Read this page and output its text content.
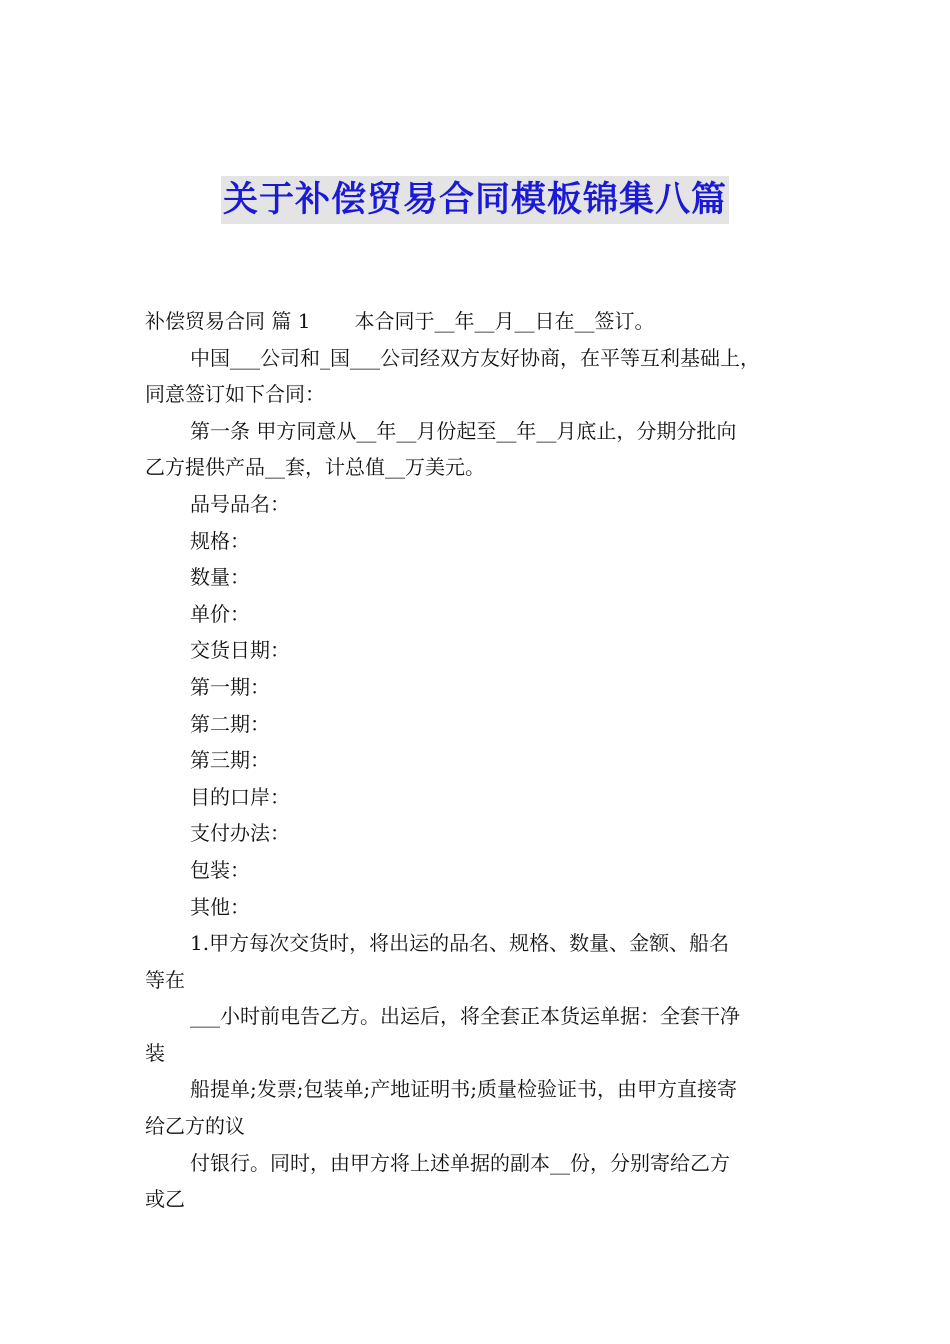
关于补偿贸易合同模板锦集八篇
补偿贸易合同 篇 1 本合同于__年__月__日在__签订。
中国___公司和_国___公司经双方友好协商，在平等互利基础上，
同意签订如下合同：
第一条 甲方同意从__年__月份起至__年__月底止，分期分批向
乙方提供产品__套，计总值__万美元。
品号品名：
规格：
数量：
单价：
交货日期：
第一期：
第二期：
第三期：
目的口岸：
支付办法：
包装：
其他：
1.甲方每次交货时，将出运的品名、规格、数量、金额、船名
等在
___小时前电告乙方。出运后，将全套正本货运单据：全套干净
装
船提单;发票;包装单;产地证明书;质量检验证书，由甲方直接寄
给乙方的议
付银行。同时，由甲方将上述单据的副本__份，分别寄给乙方
或乙
